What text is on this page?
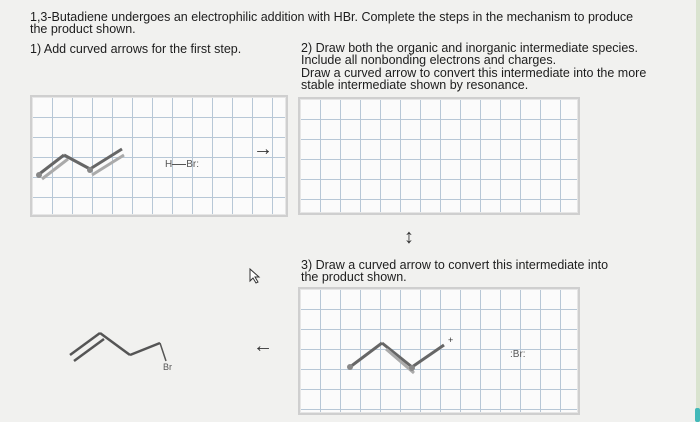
1,3-Butadiene undergoes an electrophilic addition with HBr. Complete the steps in the mechanism to produce
the product shown.
1) Add curved arrows for the first step.	2) Draw both the organic and inorganic intermediate species.
Include all nonbonding electrons and charges.
Draw a curved arrow to convert this intermediate into the more
stable intermediate shown by resonance.
H Br:
→
↕
3) Draw a curved arrow to convert this intermediate into
the product shown.
Br
←	+
:Br:
